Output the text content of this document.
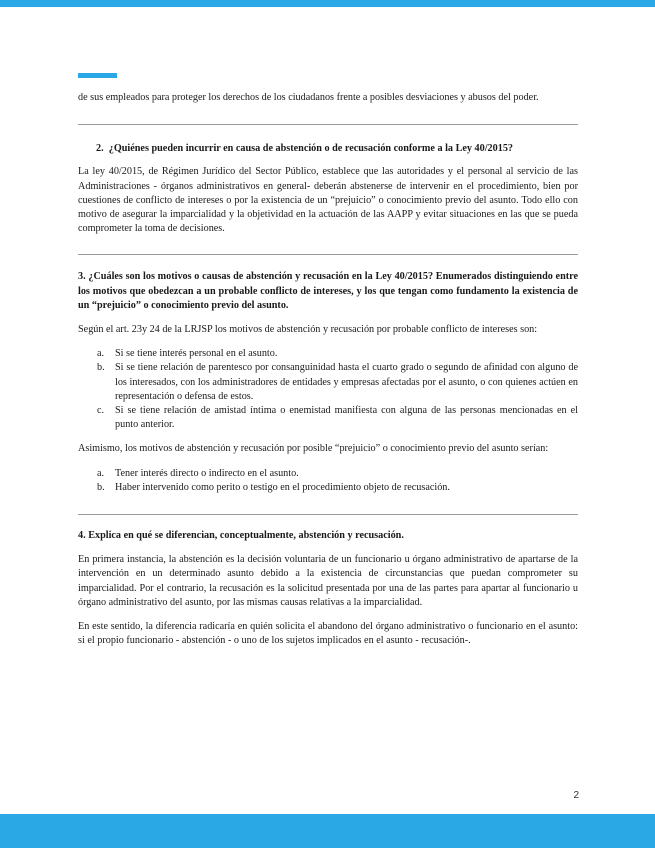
de sus empleados para proteger los derechos de los ciudadanos frente a posibles desviaciones y abusos del poder.

2. ¿Quiénes pueden incurrir en causa de abstención o de recusación conforme a la Ley 40/2015?

La ley 40/2015, de Régimen Jurídico del Sector Público, establece que las autoridades y el personal al servicio de las Administraciones - órganos administrativos en general- deberán abstenerse de intervenir en el procedimiento, bien por cuestiones de conflicto de intereses o por la existencia de un “prejuicio” o conocimiento previo del asunto. Todo ello con motivo de asegurar la imparcialidad y la objetividad en la actuación de las AAPP y evitar situaciones en las que se pueda comprometer la toma de decisiones.

3. ¿Cuáles son los motivos o causas de abstención y recusación en la Ley 40/2015? Enumerados distinguiendo entre los motivos que obedezcan a un probable conflicto de intereses, y los que tengan como fundamento la existencia de un “prejuicio” o conocimiento previo del asunto.

Según el art. 23y 24 de la LRJSP los motivos de abstención y recusación por probable conflicto de intereses son:

a. Si se tiene interés personal en el asunto.
b. Si se tiene relación de parentesco por consanguinidad hasta el cuarto grado o segundo de afinidad con alguno de los interesados, con los administradores de entidades y empresas afectadas por el asunto, o con quienes actúen en representación o defensa de estos.
c. Si se tiene relación de amistad íntima o enemistad manifiesta con alguna de las personas mencionadas en el punto anterior.

Asimismo, los motivos de abstención y recusación por posible “prejuicio” o conocimiento previo del asunto serían:

a. Tener interés directo o indirecto en el asunto.
b. Haber intervenido como perito o testigo en el procedimiento objeto de recusación.

4. Explica en qué se diferencian, conceptualmente, abstención y recusación.

En primera instancia, la abstención es la decisión voluntaria de un funcionario u órgano administrativo de apartarse de la intervención en un determinado asunto debido a la existencia de circunstancias que puedan comprometer su imparcialidad. Por el contrario, la recusación es la solicitud presentada por una de las partes para apartar al funcionario u órgano administrativo del asunto, por las mismas causas relativas a la imparcialidad.

En este sentido, la diferencia radicaría en quién solicita el abandono del órgano administrativo o funcionario en el asunto: si el propio funcionario - abstención - o uno de los sujetos implicados en el asunto - recusación-.

2
